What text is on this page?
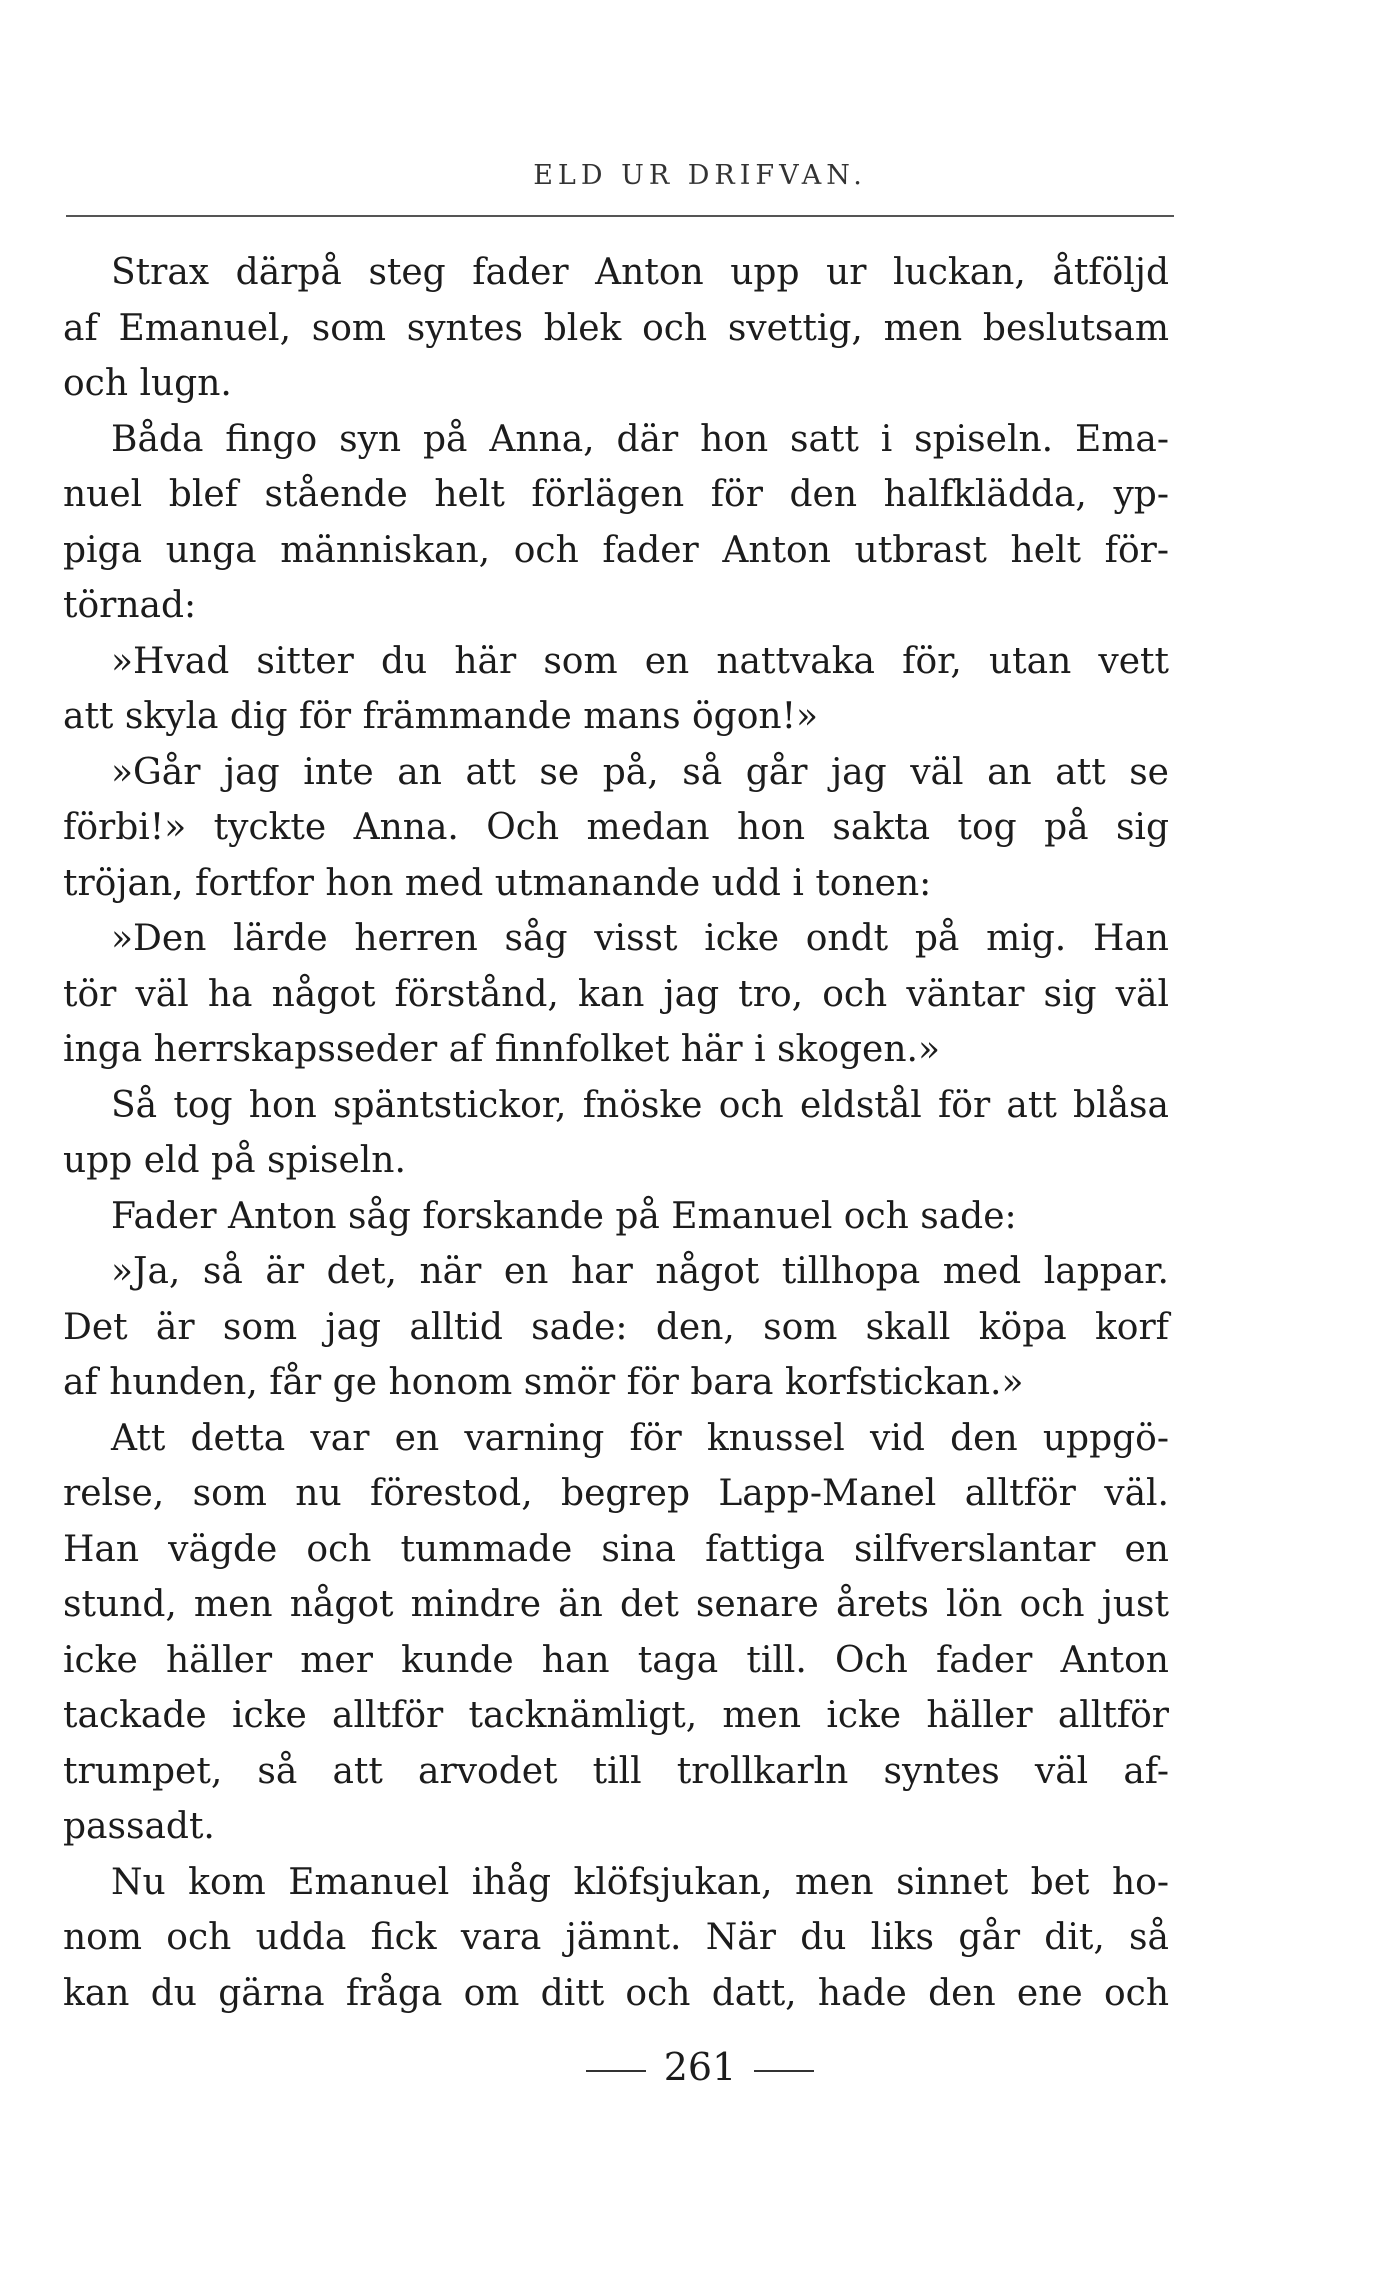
ELD UR DRIFVAN.
Strax därpå steg fader Anton upp ur luckan, åtföljd
af Emanuel, som syntes blek och svettig, men beslutsam
och lugn.
Båda fingo syn på Anna, där hon satt i spiseln. Ema-
nuel blef stående helt förlägen för den halfklädda, yp-
piga unga människan, och fader Anton utbrast helt för-
törnad:
»Hvad sitter du här som en nattvaka för, utan vett
att skyla dig för främmande mans ögon!»
»Går jag inte an att se på, så går jag väl an att se
förbi!» tyckte Anna. Och medan hon sakta tog på sig
tröjan, fortfor hon med utmanande udd i tonen:
»Den lärde herren såg visst icke ondt på mig. Han
tör väl ha något förstånd, kan jag tro, och väntar sig väl
inga herrskapsseder af finnfolket här i skogen.»
Så tog hon späntstickor, fnöske och eldstål för att blåsa
upp eld på spiseln.
Fader Anton såg forskande på Emanuel och sade:
»Ja, så är det, när en har något tillhopa med lappar.
Det är som jag alltid sade: den, som skall köpa korf
af hunden, får ge honom smör för bara korfstickan.»
Att detta var en varning för knussel vid den uppgö-
relse, som nu förestod, begrep Lapp-Manel alltför väl.
Han vägde och tummade sina fattiga silfverslantar en
stund, men något mindre än det senare årets lön och just
icke häller mer kunde han taga till. Och fader Anton
tackade icke alltför tacknämligt, men icke häller alltför
trumpet, så att arvodet till trollkarln syntes väl af-
passadt.
Nu kom Emanuel ihåg klöfsjukan, men sinnet bet ho-
nom och udda fick vara jämnt. När du liks går dit, så
kan du gärna fråga om ditt och datt, hade den ene och
261
